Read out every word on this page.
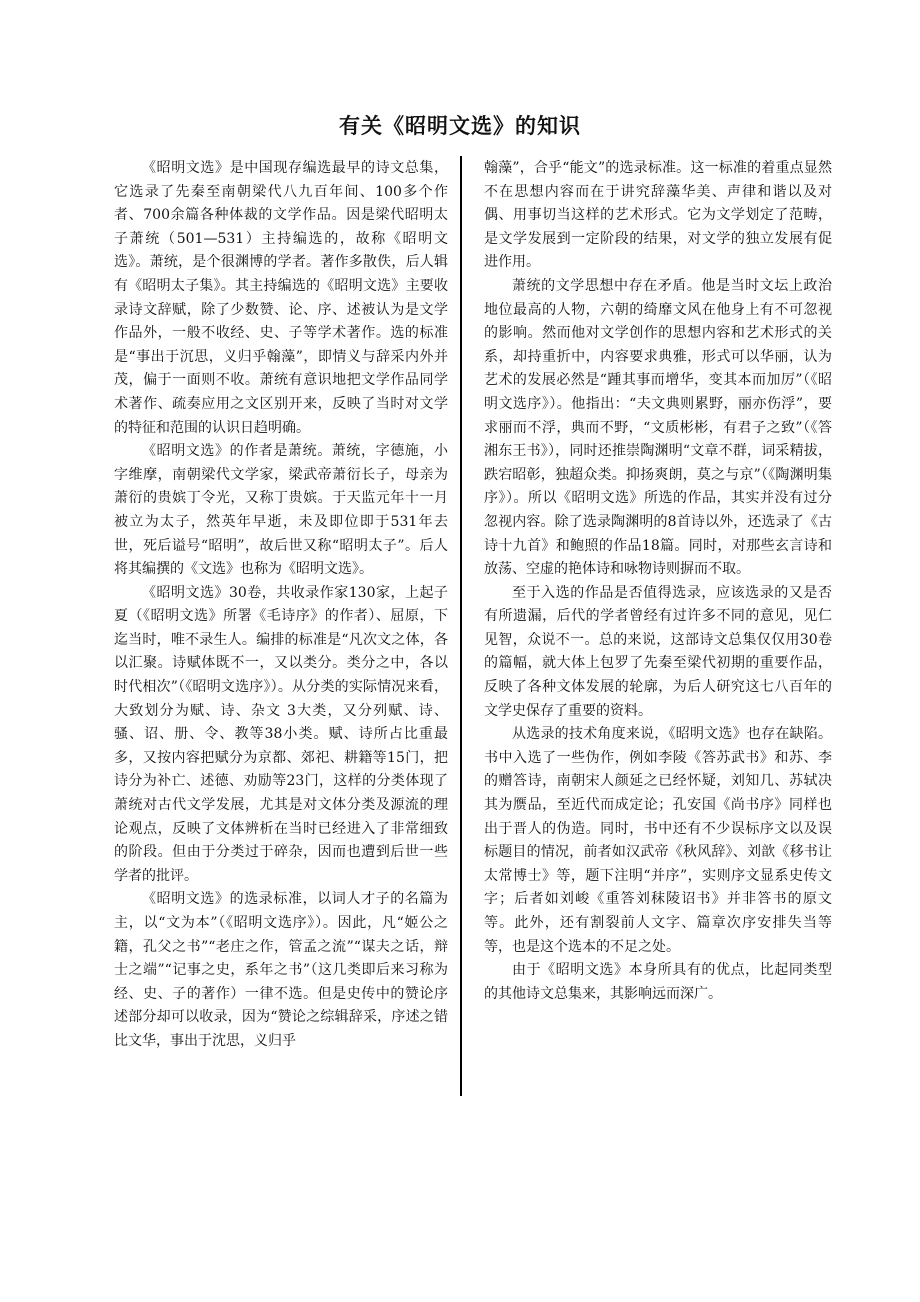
有关《昭明文选》的知识

《昭明文选》是中国现存编选最早的诗文总集，它选录了先秦至南朝梁代八九百年间、100多个作者、700余篇各种体裁的文学作品。因是梁代昭明太子萧统（501—531）主持编选的，故称《昭明文选》。萧统，是个很渊博的学者。著作多散佚，后人辑有《昭明太子集》。其主持编选的《昭明文选》主要收录诗文辞赋，除了少数赞、论、序、述被认为是文学作品外，一般不收经、史、子等学术著作。选的标准是“事出于沉思，义归乎翰藻”，即情义与辞采内外并茂，偏于一面则不收。萧统有意识地把文学作品同学术著作、疏奏应用之文区别开来，反映了当时对文学的特征和范围的认识日趋明确。

《昭明文选》的作者是萧统。萧统，字德施，小字维摩，南朝梁代文学家，梁武帝萧衍长子，母亲为萧衍的贵嫔丁令光，又称丁贵嫔。于天监元年十一月被立为太子，然英年早逝，未及即位即于531年去世，死后谥号“昭明”，故后世又称“昭明太子”。后人将其编撰的《文选》也称为《昭明文选》。

《昭明文选》30卷，共收录作家130家，上起子夏（《昭明文选》所署《毛诗序》的作者）、屈原，下迄当时，唯不录生人。编排的标准是“凡次文之体，各以汇聚。诗赋体既不一，又以类分。类分之中，各以时代相次”（《昭明文选序》）。从分类的实际情况来看，大致划分为赋、诗、杂文 3大类，又分列赋、诗、骚、诏、册、令、教等38小类。赋、诗所占比重最多，又按内容把赋分为京都、郊祀、耕籍等15门，把诗分为补亡、述德、劝励等23门，这样的分类体现了萧统对古代文学发展，尤其是对文体分类及源流的理论观点，反映了文体辨析在当时已经进入了非常细致的阶段。但由于分类过于碎杂，因而也遭到后世一些学者的批评。

《昭明文选》的选录标准，以词人才子的名篇为主，以“文为本”（《昭明文选序》）。因此，凡“姬公之籍，孔父之书”“老庄之作，管孟之流”“谋夫之话，辩士之端”“记事之史，系年之书”（这几类即后来习称为经、史、子的著作）一律不选。但是史传中的赞论序述部分却可以收录，因为“赞论之综辑辞采，序述之错比文华，事出于沈思，义归乎

翰藻”，合乎“能文”的选录标准。这一标准的着重点显然不在思想内容而在于讲究辞藻华美、声律和谐以及对偶、用事切当这样的艺术形式。它为文学划定了范畴，是文学发展到一定阶段的结果，对文学的独立发展有促进作用。

萧统的文学思想中存在矛盾。他是当时文坛上政治地位最高的人物，六朝的绮靡文风在他身上有不可忽视的影响。然而他对文学创作的思想内容和艺术形式的关系，却持重折中，内容要求典雅，形式可以华丽，认为艺术的发展必然是“踵其事而增华，变其本而加厉”（《昭明文选序》）。他指出：“夫文典则累野，丽亦伤浮”，要求丽而不浮，典而不野，“文质彬彬，有君子之致”（《答湘东王书》），同时还推崇陶渊明“文章不群，词采精拔，跌宕昭彰，独超众类。抑扬爽朗，莫之与京”（《陶渊明集序》）。所以《昭明文选》所选的作品，其实并没有过分忽视内容。除了选录陶渊明的8首诗以外，还选录了《古诗十九首》和鲍照的作品18篇。同时，对那些玄言诗和放荡、空虚的艳体诗和咏物诗则摒而不取。

至于入选的作品是否值得选录，应该选录的又是否有所遗漏，后代的学者曾经有过许多不同的意见，见仁见智，众说不一。总的来说，这部诗文总集仅仅用30卷的篇幅，就大体上包罗了先秦至梁代初期的重要作品，反映了各种文体发展的轮廓，为后人研究这七八百年的文学史保存了重要的资料。

从选录的技术角度来说，《昭明文选》也存在缺陷。书中入选了一些伪作，例如李陵《答苏武书》和苏、李的赠答诗，南朝宋人颜延之已经怀疑，刘知几、苏轼决其为赝品，至近代而成定论；孔安国《尚书序》同样也出于晋人的伪造。同时，书中还有不少误标序文以及误标题目的情况，前者如汉武帝《秋风辞》、刘歆《移书让太常博士》等，题下注明“并序”，实则序文显系史传文字；后者如刘峻《重答刘秣陵诏书》并非答书的原文等。此外，还有割裂前人文字、篇章次序安排失当等等，也是这个选本的不足之处。

由于《昭明文选》本身所具有的优点，比起同类型的其他诗文总集来，其影响远而深广。
